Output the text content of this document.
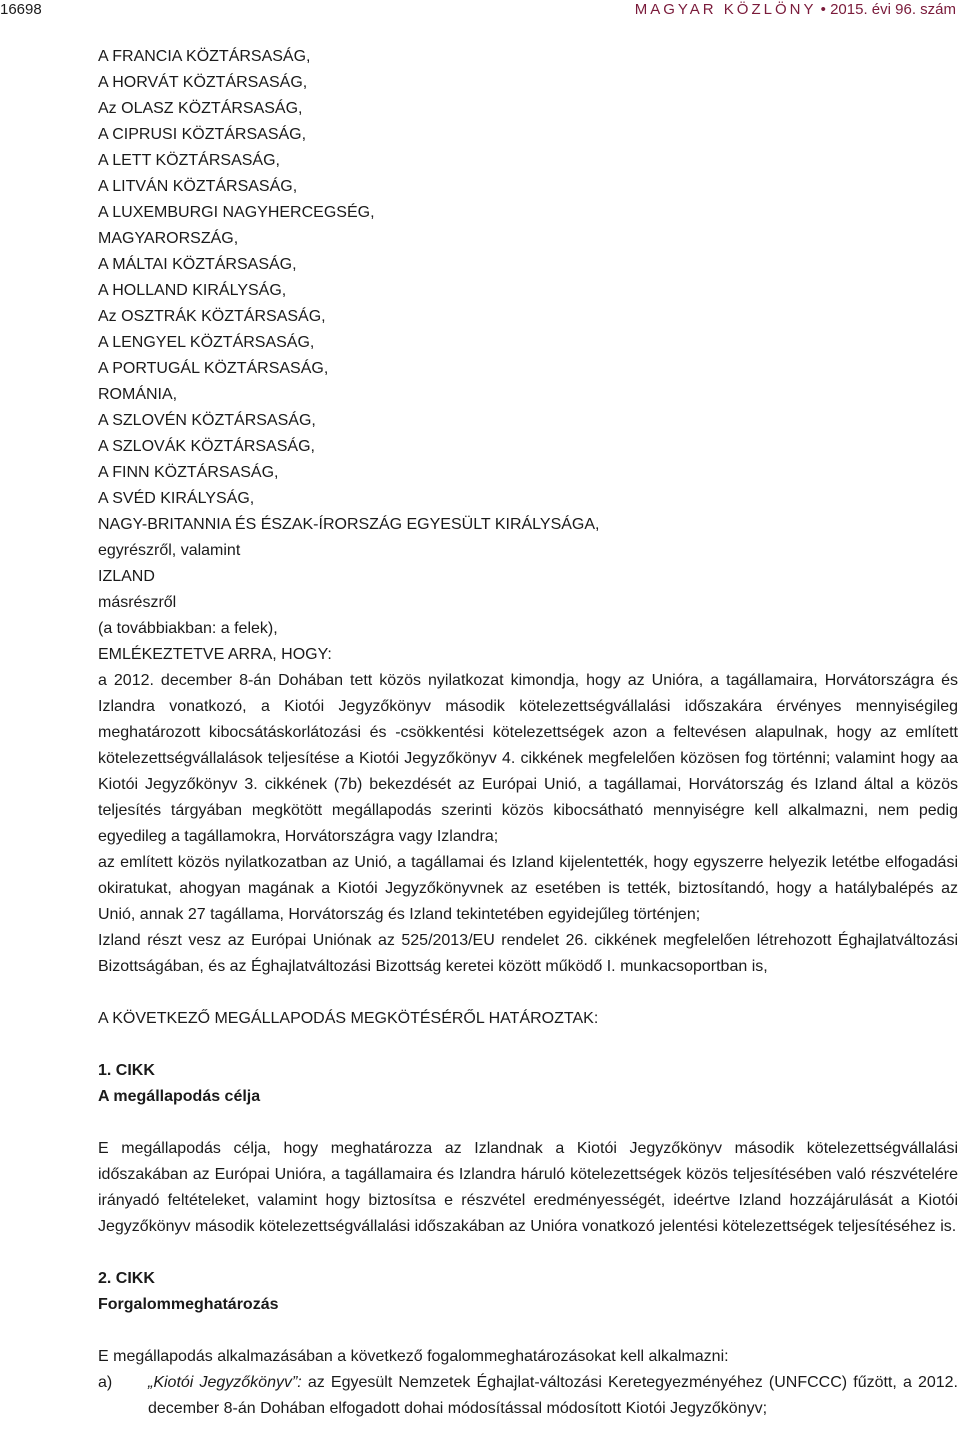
16698	MAGYAR KÖZLÖNY • 2015. évi 96. szám
A FRANCIA KÖZTÁRSASÁG,
A HORVÁT KÖZTÁRSASÁG,
Az OLASZ KÖZTÁRSASÁG,
A CIPRUSI KÖZTÁRSASÁG,
A LETT KÖZTÁRSASÁG,
A LITVÁN KÖZTÁRSASÁG,
A LUXEMBURGI NAGYHERCEGSÉG,
MAGYARORSZÁG,
A MÁLTAI KÖZTÁRSASÁG,
A HOLLAND KIRÁLYSÁG,
Az OSZTRÁK KÖZTÁRSASÁG,
A LENGYEL KÖZTÁRSASÁG,
A PORTUGÁL KÖZTÁRSASÁG,
ROMÁNIA,
A SZLOVÉN KÖZTÁRSASÁG,
A SZLOVÁK KÖZTÁRSASÁG,
A FINN KÖZTÁRSASÁG,
A SVÉD KIRÁLYSÁG,
NAGY-BRITANNIA ÉS ÉSZAK-ÍRORSZÁG EGYESÜLT KIRÁLYSÁGA,
egyrészről, valamint
IZLAND
másrészről
(a továbbiakban: a felek),
EMLÉKEZTETVE ARRA, HOGY:

a 2012. december 8-án Dohában tett közös nyilatkozat kimondja, hogy az Unióra, a tagállamaira, Horvátországra és Izlandra vonatkozó, a Kiotói Jegyzőkönyv második kötelezettségvállalási időszakára érvényes mennyiségileg meghatározott kibocsátáskorlátozási és -csökkentési kötelezettségek azon a feltevésen alapulnak, hogy az említett kötelezettségvállalások teljesítése a Kiotói Jegyzőkönyv 4. cikkének megfelelően közösen fog történni; valamint hogy aa Kiotói Jegyzőkönyv 3. cikkének (7b) bekezdését az Európai Unió, a tagállamai, Horvátország és Izland által a közös teljesítés tárgyában megkötött megállapodás szerinti közös kibocsátható mennyiségre kell alkalmazni, nem pedig egyedileg a tagállamokra, Horvátországra vagy Izlandra;

az említett közös nyilatkozatban az Unió, a tagállamai és Izland kijelentették, hogy egyszerre helyezik letétbe elfogadási okiratukat, ahogyan magának a Kiotói Jegyzőkönyvnek az esetében is tették, biztosítandó, hogy a hatálybalépés az Unió, annak 27 tagállama, Horvátország és Izland tekintetében egyidejűleg történjen;

Izland részt vesz az Európai Uniónak az 525/2013/EU rendelet 26. cikkének megfelelően létrehozott Éghajlatváltozási Bizottságában, és az Éghajlatváltozási Bizottság keretei között működő I. munkacsoportban is,

A KÖVETKEZŐ MEGÁLLAPODÁS MEGKÖTÉSÉRŐL HATÁROZTAK:

1. CIKK

A megállapodás célja

E megállapodás célja, hogy meghatározza az Izlandnak a Kiotói Jegyzőkönyv második kötelezettségvállalási időszakában az Európai Unióra, a tagállamaira és Izlandra háruló kötelezettségek közös teljesítésében való részvételére irányadó feltételeket, valamint hogy biztosítsa e részvétel eredményességét, ideértve Izland hozzájárulását a Kiotói Jegyzőkönyv második kötelezettségvállalási időszakában az Unióra vonatkozó jelentési kötelezettségek teljesítéséhez is.

2. CIKK

Forgalommeghatározás

E megállapodás alkalmazásában a következő fogalommeghatározásokat kell alkalmazni:

a)	„Kiotói Jegyzőkönyv”: az Egyesült Nemzetek Éghajlat-változási Keretegyezményéhez (UNFCCC) fűzött, a 2012. december 8-án Dohában elfogadott dohai módosítással módosított Kiotói Jegyzőkönyv;
